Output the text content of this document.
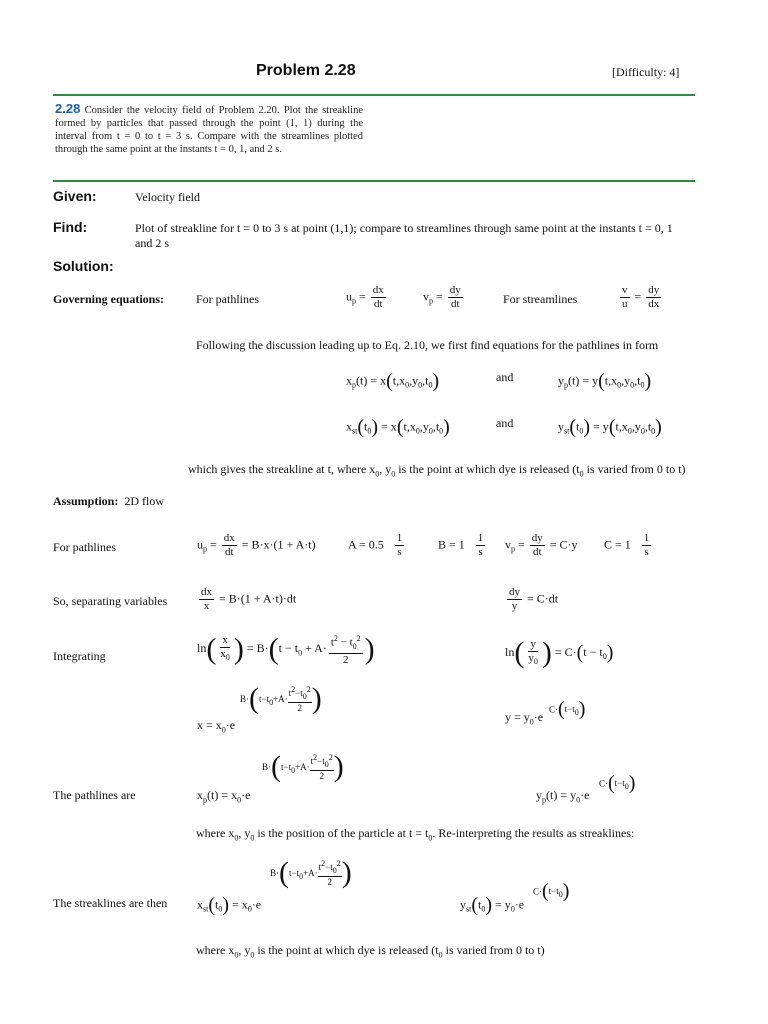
Problem 2.28	[Difficulty: 4]
2.28 Consider the velocity field of Problem 2.20. Plot the streakline formed by particles that passed through the point (1, 1) during the interval from t = 0 to t = 3 s. Compare with the streamlines plotted through the same point at the instants t = 0, 1, and 2 s.
Given:	Velocity field
Find:	Plot of streakline for t = 0 to 3 s at point (1,1); compare to streamlines through same point at the instants t = 0, 1
and 2 s
Solution:
Governing equations:	For pathlines	$u_p = \frac{dx}{dt}$	$v_p = \frac{dy}{dt}$	For streamlines	$\frac{v}{u} = \frac{dy}{dx}$
Following the discussion leading up to Eq. 2.10, we first find equations for the pathlines in form
$x_p(t) = x(t,x_0,y_0,t_0)$	and	$y_p(t) = y(t,x_0,y_0,t_0)$
$x_{st}(t_0) = x(t,x_0,y_0,t_0)$	and	$y_{st}(t_0) = y(t,x_0,y_0,t_0)$
which gives the streakline at t, where $x_0$, $y_0$ is the point at which dye is released ($t_0$ is varied from 0 to t)
Assumption: 2D flow
For pathlines	$u_p = \frac{dx}{dt} = B\cdot x\cdot(1 + A\cdot t)$	$A = 0.5 \frac{1}{s}$	$B = 1 \frac{1}{s} v_p = \frac{dy}{dt} = C\cdot y$ $C = 1 \frac{1}{s}$
So, separating variables	$\frac{dx}{x} = B\cdot(1 + A\cdot t)\cdot dt$	$\frac{dy}{y} = C\cdot dt$
Integrating
$\ln( \frac{x}{x_0}$ ) = $B\cdot(t - t_0 + A\cdot \frac{t^2 - t_0^2}{2}$ )	$\ln( \frac{y}{y_0}$ ) = $C\cdot(t - t_0)$
$B\cdot(t-t_0+A\cdot \frac{t^2-t_0^2}{2}$ )
$x = x_0\cdot e$
$C\cdot(t-t_0)$
$y = y_0\cdot e$
The pathlines are
$B\cdot(t-t_0+A\cdot \frac{t^2-t_0^2}{2}$ )
$x_p(t) = x_0\cdot e$
$C\cdot(t-t_0)$
$y_p(t) = y_0\cdot e$
where $x_0$, $y_0$ is the position of the particle at $t = t_0$. Re-interpreting the results as streaklines:
The streaklines are then
$B\cdot(t-t_0+A\cdot \frac{t^2-t_0^2}{2}$ )
$x_{st}(t_0) = x_0\cdot e$
$C\cdot(t-t_0)$
$y_{st}(t_0) = y_0\cdot e$
where $x_0$, $y_0$ is the point at which dye is released ($t_0$ is varied from 0 to t)
